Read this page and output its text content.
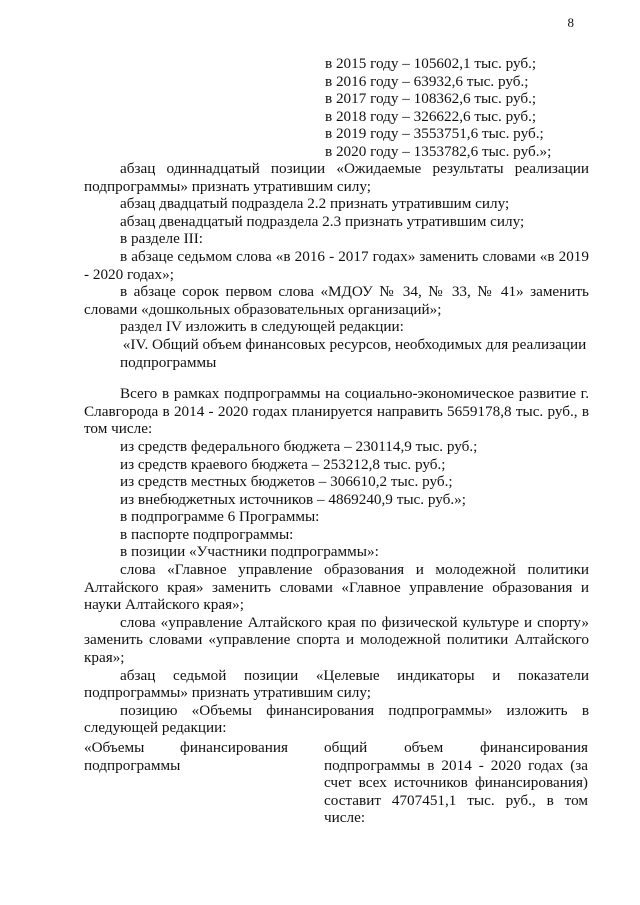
8
в 2015 году – 105602,1 тыс. руб.;
в 2016 году – 63932,6 тыс. руб.;
в 2017 году – 108362,6 тыс. руб.;
в 2018 году – 326622,6 тыс. руб.;
в 2019 году – 3553751,6 тыс. руб.;
в 2020 году – 1353782,6 тыс. руб.»;

абзац одиннадцатый позиции «Ожидаемые результаты реализации подпрограммы» признать утратившим силу;

абзац двадцатый подраздела 2.2 признать утратившим силу;

абзац двенадцатый подраздела 2.3 признать утратившим силу;

в разделе III:

в абзаце седьмом слова «в 2016 - 2017 годах» заменить словами «в 2019 - 2020 годах»;

в абзаце сорок первом слова «МДОУ № 34, № 33, № 41» заменить словами «дошкольных образовательных организаций»;

раздел IV изложить в следующей редакции:

«IV. Общий объем финансовых ресурсов, необходимых для реализации подпрограммы

Всего в рамках подпрограммы на социально-экономическое развитие г. Славгорода в 2014 - 2020 годах планируется направить 5659178,8 тыс. руб., в том числе:

из средств федерального бюджета – 230114,9 тыс. руб.;

из средств краевого бюджета – 253212,8 тыс. руб.;

из средств местных бюджетов – 306610,2 тыс. руб.;

из внебюджетных источников – 4869240,9 тыс. руб.»;

в подпрограмме 6 Программы:

в паспорте подпрограммы:

в позиции «Участники подпрограммы»:

слова «Главное управление образования и молодежной политики Алтайского края» заменить словами «Главное управление образования и науки Алтайского края»;

слова «управление Алтайского края по физической культуре и спорту» заменить словами «управление спорта и молодежной политики Алтайского края»;

абзац седьмой позиции «Целевые индикаторы и показатели подпрограммы» признать утратившим силу;

позицию «Объемы финансирования подпрограммы» изложить в следующей редакции:

«Объемы финансирования
подпрограммы
общий объем финансирования подпрограммы в 2014 - 2020 годах (за счет всех источников финансирования) составит 4707451,1 тыс. руб., в том числе:
